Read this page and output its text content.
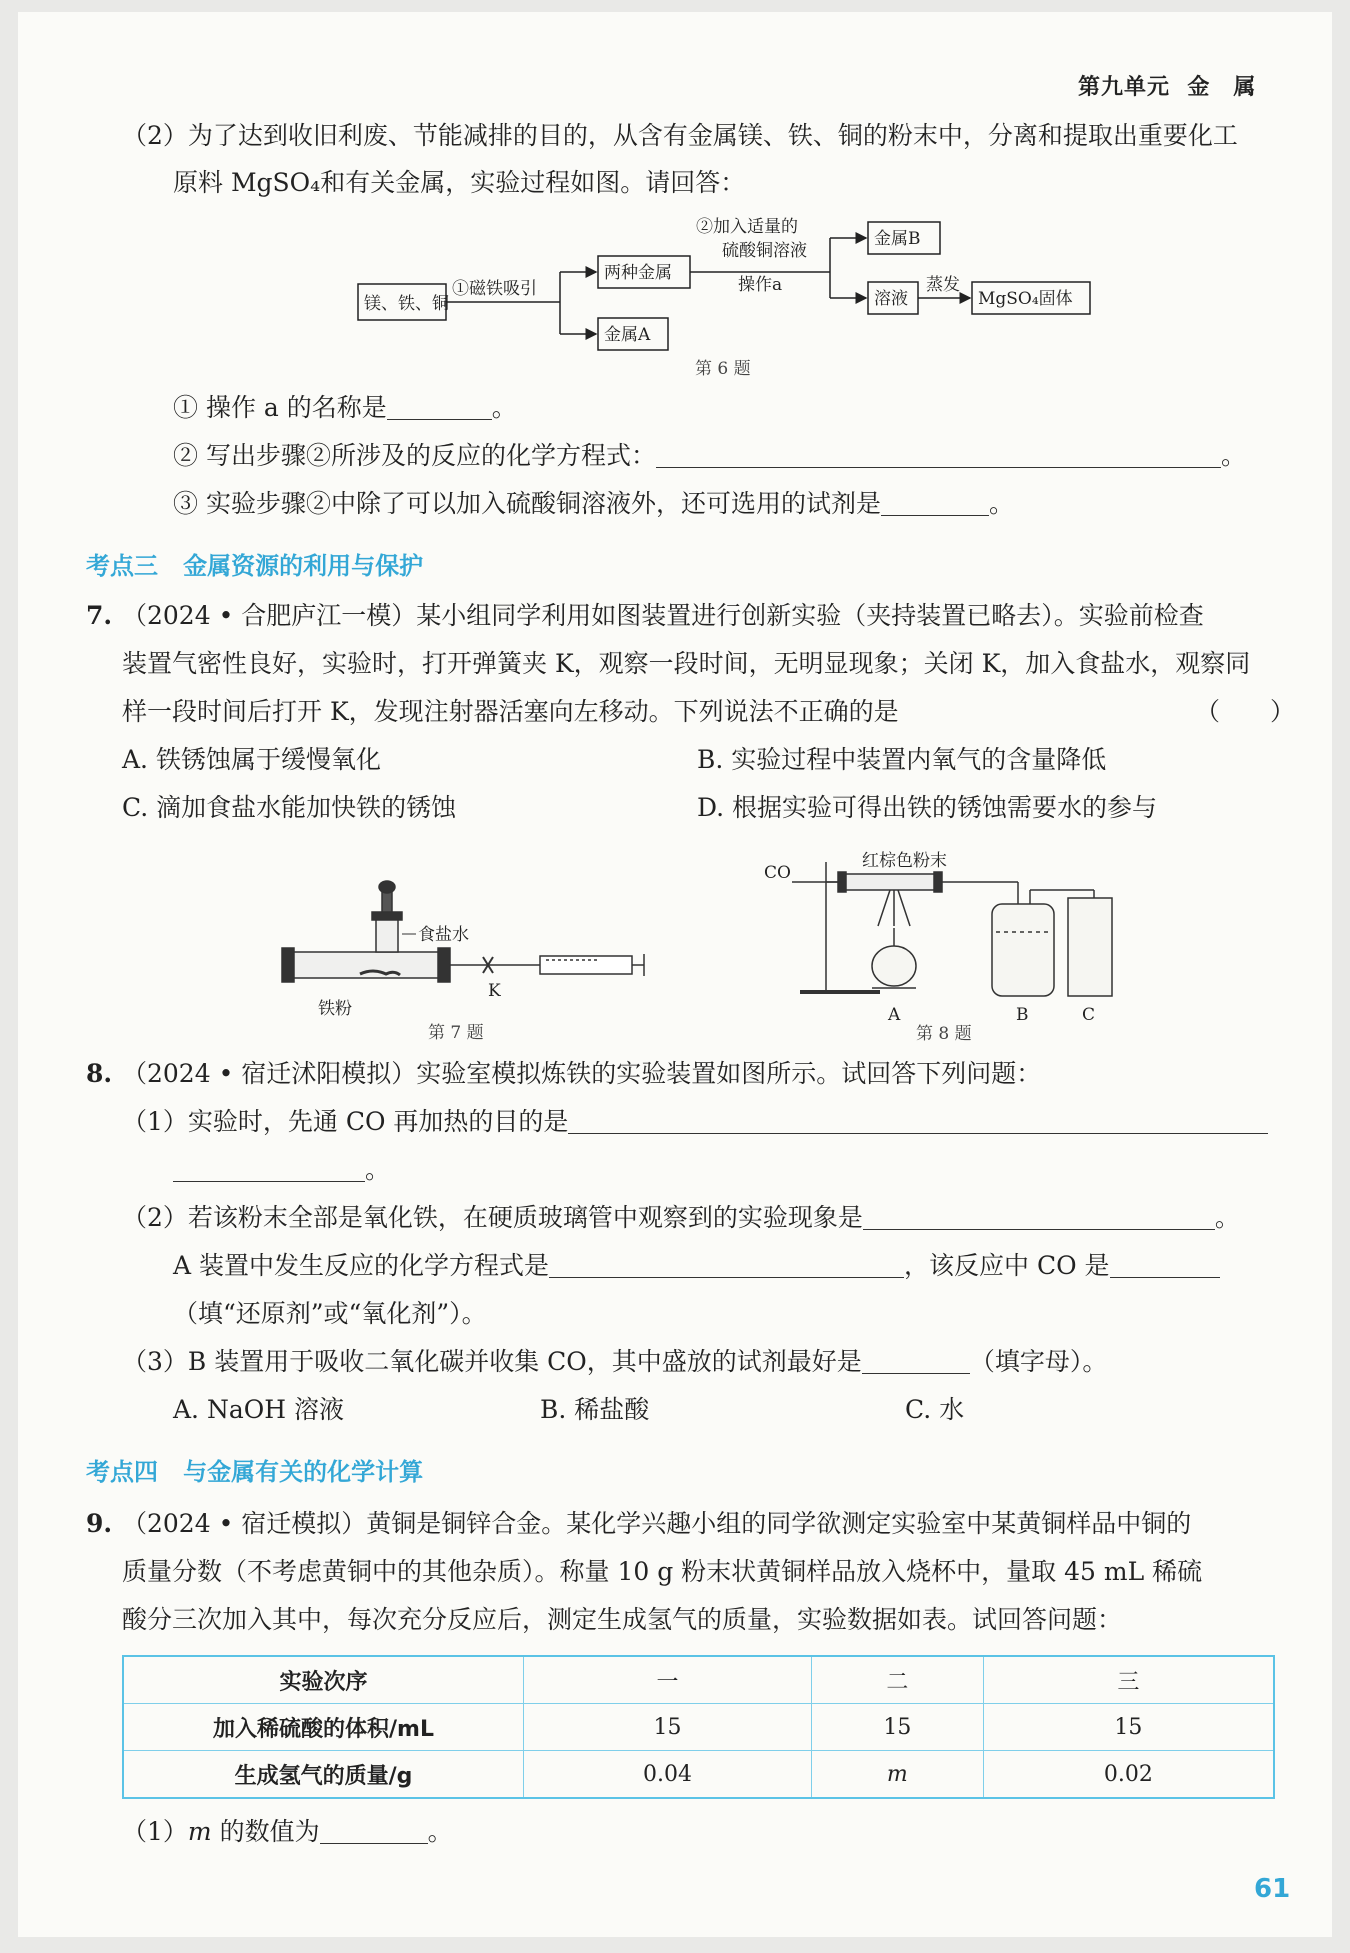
第九单元 金　属
（2）为了达到收旧利废、节能减排的目的，从含有金属镁、铁、铜的粉末中，分离和提取出重要化工
原料 MgSO₄和有关金属，实验过程如图。请回答：
镁、铁、铜
①磁铁吸引
两种金属
金属A
②加入适量的
硫酸铜溶液
操作a
金属B
溶液
蒸发
MgSO₄固体
第 6 题
① 操作 a 的名称是	。
② 写出步骤②所涉及的反应的化学方程式：	。
③ 实验步骤②中除了可以加入硫酸铜溶液外，还可选用的试剂是	。
考点三 金属资源的利用与保护
7. （2024 • 合肥庐江一模）某小组同学利用如图装置进行创新实验（夹持装置已略去）。实验前检查
装置气密性良好，实验时，打开弹簧夹 K，观察一段时间，无明显现象；关闭 K，加入食盐水，观察同
样一段时间后打开 K，发现注射器活塞向左移动。下列说法不正确的是	（　　）
A. 铁锈蚀属于缓慢氧化	B. 实验过程中装置内氧气的含量降低
C. 滴加食盐水能加快铁的锈蚀	D. 根据实验可得出铁的锈蚀需要水的参与
食盐水
铁粉
K
第 7 题
CO
红棕色粉末
A	B	C
第 8 题
8. （2024 • 宿迁沭阳模拟）实验室模拟炼铁的实验装置如图所示。试回答下列问题：
（1）实验时，先通 CO 再加热的目的是
。
（2）若该粉末全部是氧化铁，在硬质玻璃管中观察到的实验现象是	。
A 装置中发生反应的化学方程式是	，该反应中 CO 是
（填“还原剂”或“氧化剂”）。
（3）B 装置用于吸收二氧化碳并收集 CO，其中盛放的试剂最好是	（填字母）。
A. NaOH 溶液	B. 稀盐酸	C. 水
考点四 与金属有关的化学计算
9. （2024 • 宿迁模拟）黄铜是铜锌合金。某化学兴趣小组的同学欲测定实验室中某黄铜样品中铜的
质量分数（不考虑黄铜中的其他杂质）。称量 10 g 粉末状黄铜样品放入烧杯中，量取 45 mL 稀硫
酸分三次加入其中，每次充分反应后，测定生成氢气的质量，实验数据如表。试回答问题：
实验次序	一	二	三
加入稀硫酸的体积/mL	15	15	15
生成氢气的质量/g	0.04	m	0.02
（1）m 的数值为	。
61
